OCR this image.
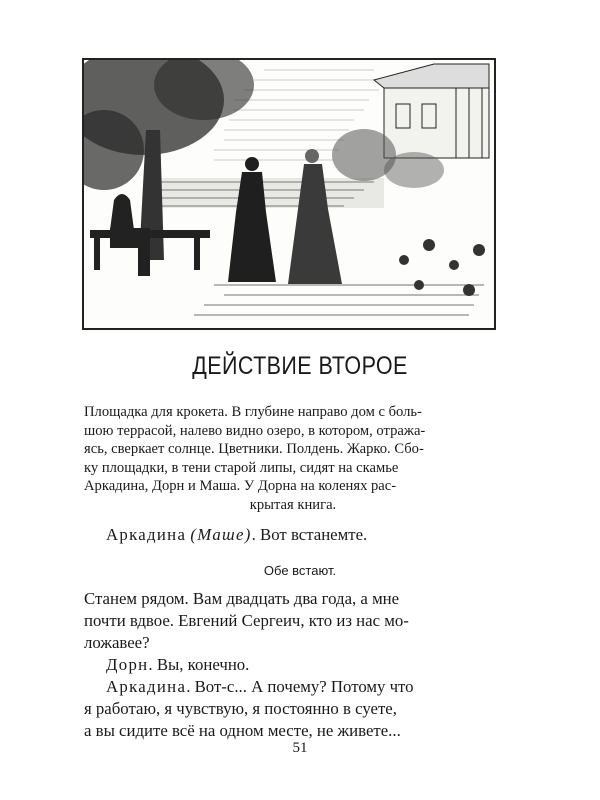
ДЕЙСТВИЕ ВТОРОЕ
Площадка для крокета. В глубине направо дом с боль-
шою террасой, налево видно озеро, в котором, отража-
ясь, сверкает солнце. Цветники. Полдень. Жарко. Сбо-
ку площадки, в тени старой липы, сидят на скамье
Аркадина, Дорн и Маша. У Дорна на коленях рас-
крытая книга.
Аркадина (Маше). Вот встанемте.
Обе встают.
Станем рядом. Вам двадцать два года, а мне
почти вдвое. Евгений Сергеич, кто из нас мо-
ложавее?
Дорн. Вы, конечно.
Аркадина. Вот-с... А почему? Потому что
я работаю, я чувствую, я постоянно в суете,
а вы сидите всё на одном месте, не живете...
51
